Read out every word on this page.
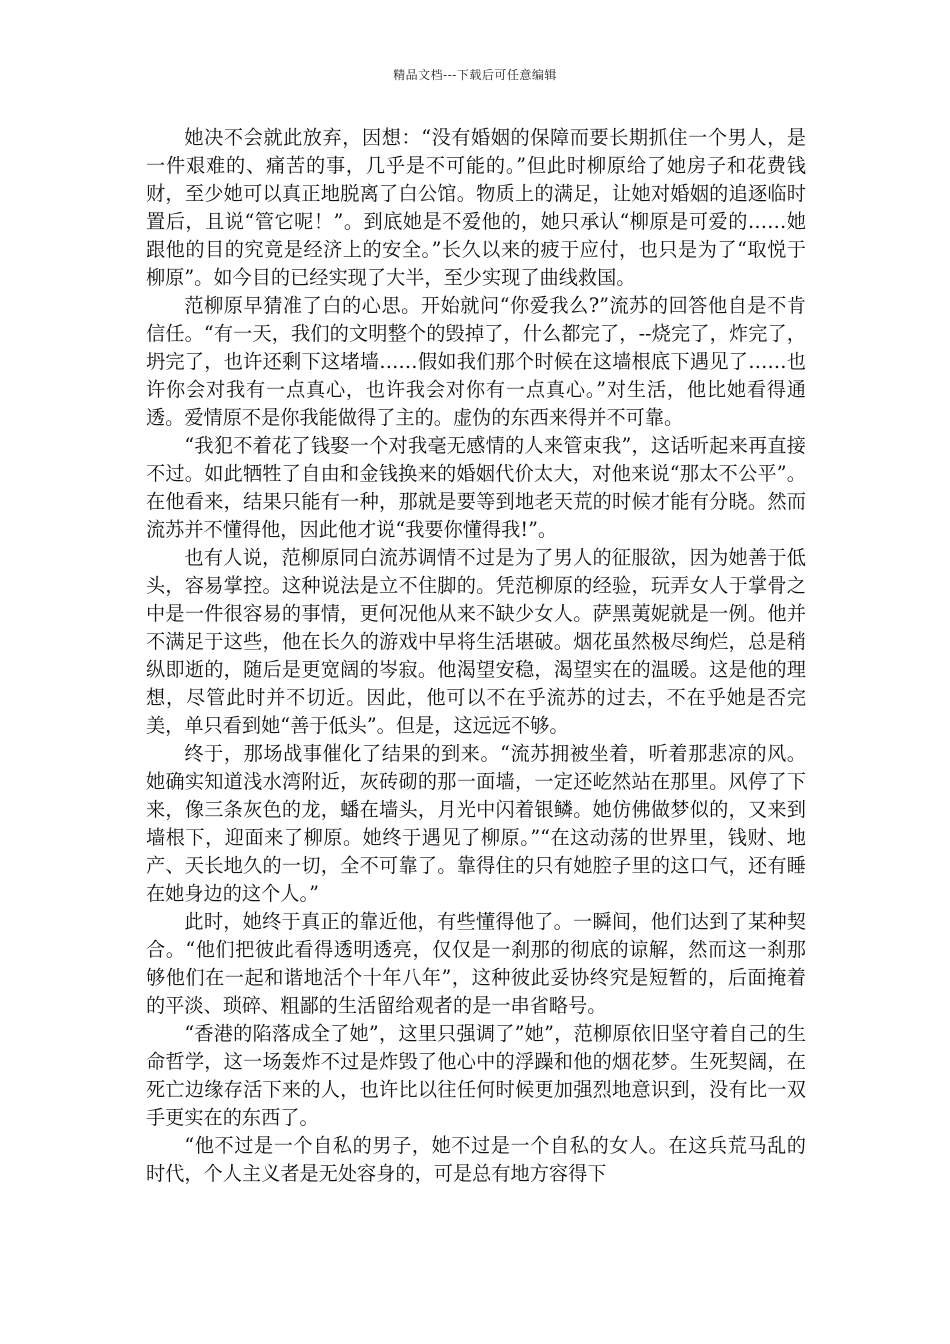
精品文档---下载后可任意编辑

她决不会就此放弃，因想：“没有婚姻的保障而要长期抓住一个男人，是一件艰难的、痛苦的事，几乎是不可能的。”但此时柳原给了她房子和花费钱财，至少她可以真正地脱离了白公馆。物质上的满足，让她对婚姻的追逐临时置后，且说“管它呢！”。到底她是不爱他的，她只承认“柳原是可爱的……她跟他的目的究竟是经济上的安全。”长久以来的疲于应付，也只是为了“取悦于柳原”。如今目的已经实现了大半，至少实现了曲线救国。

范柳原早猜准了白的心思。开始就问“你爱我么?”流苏的回答他自是不肯信任。“有一天，我们的文明整个的毁掉了，什么都完了，--烧完了，炸完了，坍完了，也许还剩下这堵墙……假如我们那个时候在这墙根底下遇见了……也许你会对我有一点真心，也许我会对你有一点真心。”对生活，他比她看得通透。爱情原不是你我能做得了主的。虚伪的东西来得并不可靠。

“我犯不着花了钱娶一个对我毫无感情的人来管束我”，这话听起来再直接不过。如此牺牲了自由和金钱换来的婚姻代价太大，对他来说“那太不公平”。在他看来，结果只能有一种，那就是要等到地老天荒的时候才能有分晓。然而流苏并不懂得他，因此他才说“我要你懂得我!”。

也有人说，范柳原同白流苏调情不过是为了男人的征服欲，因为她善于低头，容易掌控。这种说法是立不住脚的。凭范柳原的经验，玩弄女人于掌骨之中是一件很容易的事情，更何况他从来不缺少女人。萨黑荑妮就是一例。他并不满足于这些，他在长久的游戏中早将生活堪破。烟花虽然极尽绚烂，总是稍纵即逝的，随后是更宽阔的岑寂。他渴望安稳，渴望实在的温暖。这是他的理想，尽管此时并不切近。因此，他可以不在乎流苏的过去，不在乎她是否完美，单只看到她“善于低头”。但是，这远远不够。

终于，那场战事催化了结果的到来。“流苏拥被坐着，听着那悲凉的风。她确实知道浅水湾附近，灰砖砌的那一面墙，一定还屹然站在那里。风停了下来，像三条灰色的龙，蟠在墙头，月光中闪着银鳞。她仿佛做梦似的，又来到墙根下，迎面来了柳原。她终于遇见了柳原。”“在这动荡的世界里，钱财、地产、天长地久的一切，全不可靠了。靠得住的只有她腔子里的这口气，还有睡在她身边的这个人。”

此时，她终于真正的靠近他，有些懂得他了。一瞬间，他们达到了某种契合。“他们把彼此看得透明透亮，仅仅是一刹那的彻底的谅解，然而这一刹那够他们在一起和谐地活个十年八年”，这种彼此妥协终究是短暂的，后面掩着的平淡、琐碎、粗鄙的生活留给观者的是一串省略号。

“香港的陷落成全了她”，这里只强调了”她”，范柳原依旧坚守着自己的生命哲学，这一场轰炸不过是炸毁了他心中的浮躁和他的烟花梦。生死契阔，在死亡边缘存活下来的人，也许比以往任何时候更加强烈地意识到，没有比一双手更实在的东西了。

“他不过是一个自私的男子，她不过是一个自私的女人。在这兵荒马乱的时代，个人主义者是无处容身的，可是总有地方容得下
